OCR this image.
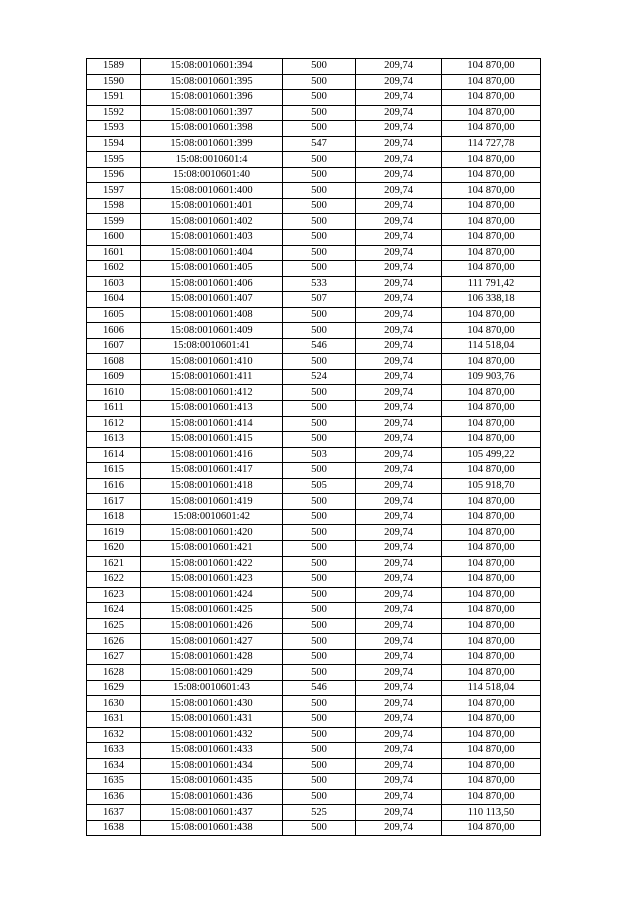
1589	15:08:0010601:394	500	209,74	104 870,00
1590	15:08:0010601:395	500	209,74	104 870,00
1591	15:08:0010601:396	500	209,74	104 870,00
1592	15:08:0010601:397	500	209,74	104 870,00
1593	15:08:0010601:398	500	209,74	104 870,00
1594	15:08:0010601:399	547	209,74	114 727,78
1595	15:08:0010601:4	500	209,74	104 870,00
1596	15:08:0010601:40	500	209,74	104 870,00
1597	15:08:0010601:400	500	209,74	104 870,00
1598	15:08:0010601:401	500	209,74	104 870,00
1599	15:08:0010601:402	500	209,74	104 870,00
1600	15:08:0010601:403	500	209,74	104 870,00
1601	15:08:0010601:404	500	209,74	104 870,00
1602	15:08:0010601:405	500	209,74	104 870,00
1603	15:08:0010601:406	533	209,74	111 791,42
1604	15:08:0010601:407	507	209,74	106 338,18
1605	15:08:0010601:408	500	209,74	104 870,00
1606	15:08:0010601:409	500	209,74	104 870,00
1607	15:08:0010601:41	546	209,74	114 518,04
1608	15:08:0010601:410	500	209,74	104 870,00
1609	15:08:0010601:411	524	209,74	109 903,76
1610	15:08:0010601:412	500	209,74	104 870,00
1611	15:08:0010601:413	500	209,74	104 870,00
1612	15:08:0010601:414	500	209,74	104 870,00
1613	15:08:0010601:415	500	209,74	104 870,00
1614	15:08:0010601:416	503	209,74	105 499,22
1615	15:08:0010601:417	500	209,74	104 870,00
1616	15:08:0010601:418	505	209,74	105 918,70
1617	15:08:0010601:419	500	209,74	104 870,00
1618	15:08:0010601:42	500	209,74	104 870,00
1619	15:08:0010601:420	500	209,74	104 870,00
1620	15:08:0010601:421	500	209,74	104 870,00
1621	15:08:0010601:422	500	209,74	104 870,00
1622	15:08:0010601:423	500	209,74	104 870,00
1623	15:08:0010601:424	500	209,74	104 870,00
1624	15:08:0010601:425	500	209,74	104 870,00
1625	15:08:0010601:426	500	209,74	104 870,00
1626	15:08:0010601:427	500	209,74	104 870,00
1627	15:08:0010601:428	500	209,74	104 870,00
1628	15:08:0010601:429	500	209,74	104 870,00
1629	15:08:0010601:43	546	209,74	114 518,04
1630	15:08:0010601:430	500	209,74	104 870,00
1631	15:08:0010601:431	500	209,74	104 870,00
1632	15:08:0010601:432	500	209,74	104 870,00
1633	15:08:0010601:433	500	209,74	104 870,00
1634	15:08:0010601:434	500	209,74	104 870,00
1635	15:08:0010601:435	500	209,74	104 870,00
1636	15:08:0010601:436	500	209,74	104 870,00
1637	15:08:0010601:437	525	209,74	110 113,50
1638	15:08:0010601:438	500	209,74	104 870,00
